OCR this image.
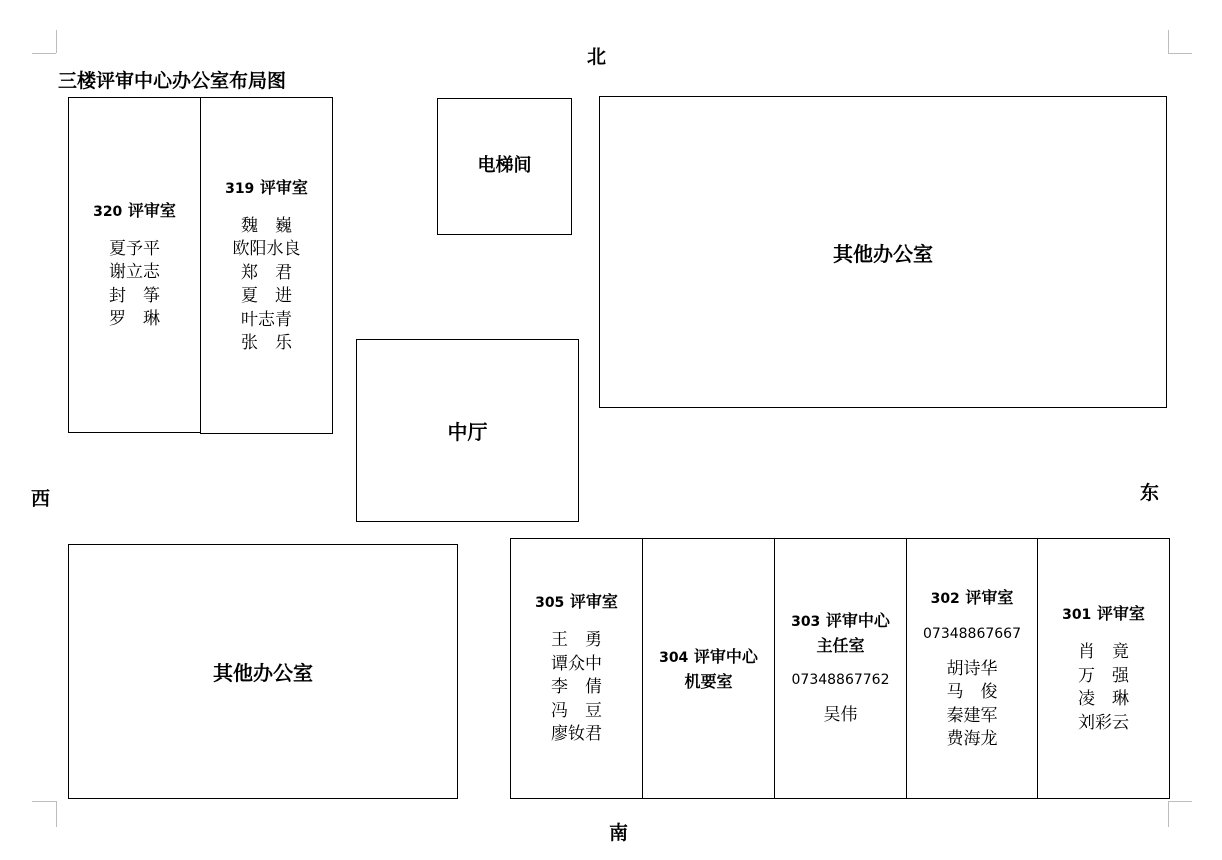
三楼评审中心办公室布局图
北
南
西	东
320 评审室
夏予平
谢立志
封　筝
罗　琳
319 评审室
魏　巍
欧阳水良
郑　君
夏　进
叶志青
张　乐
电梯间
其他办公室
中厅
其他办公室
305 评审室
王　勇
谭众中
李　倩
冯　豆
廖钕君
304 评审中心
机要室
303 评审中心
主任室
07348867762
吴伟
302 评审室
07348867667
胡诗华
马　俊
秦建军
费海龙
301 评审室
肖　竟
万　强
凌　琳
刘彩云
